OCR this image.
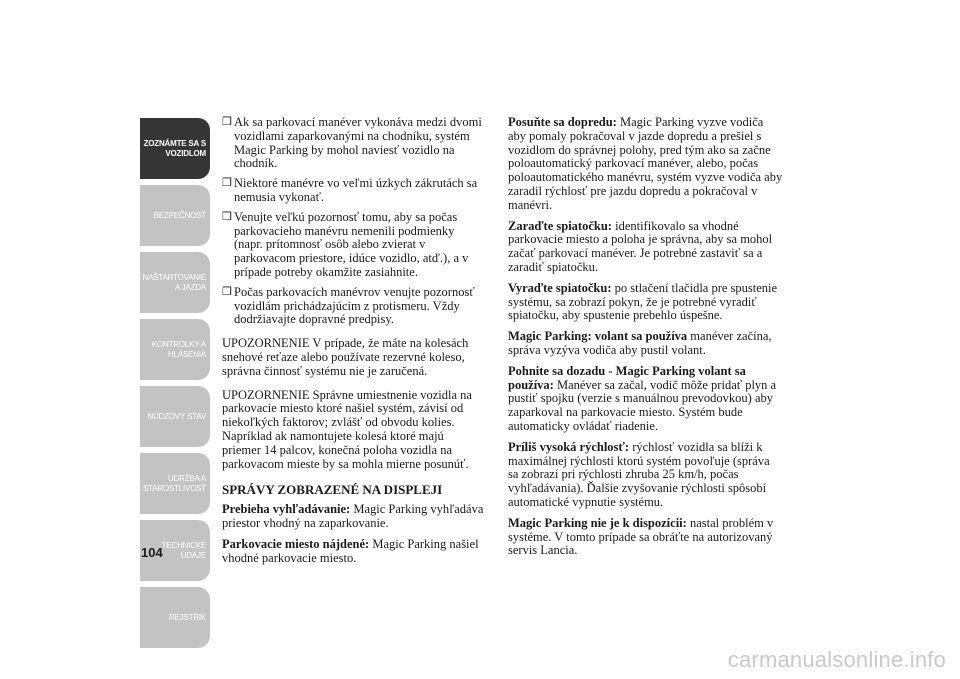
ZOZNÁMTE SA S
VOZIDLOM
BEZPEČNOSŤ
NAŠTARTOVANIE
A JAZDA
KONTROLKY A
HLÁSENIA
NÚDZOVÝ STAV
ÚDRŽBA A
STAROSTLIVOSŤ
TECHNICKÉ
ÚDAJE
REJSTŘÍK
104
❒ Ak sa parkovací manéver vykonáva medzi dvomi vozidlami zaparkovanými na chodníku, systém Magic Parking by mohol naviesť vozidlo na chodník.
❒ Niektoré manévre vo veľmi úzkych zákrutách sa nemusia vykonať.
❒ Venujte veľkú pozornosť tomu, aby sa počas parkovacieho manévru nemenili podmienky (napr. prítomnosť osôb alebo zvierat v parkovacom priestore, idúce vozidlo, atď.), a v prípade potreby okamžite zasiahnite.
❒ Počas parkovacích manévrov venujte pozornosť vozidlám prichádzajúcim z protismeru. Vždy dodržiavajte dopravné predpisy.

UPOZORNENIE V prípade, že máte na kolesách snehové reťaze alebo používate rezervné koleso, správna činnosť systému nie je zaručená.

UPOZORNENIE Správne umiestnenie vozidla na parkovacie miesto ktoré našiel systém, závisí od niekoľkých faktorov; zvlášť od obvodu kolies. Napríklad ak namontujete kolesá ktoré majú priemer 14 palcov, konečná poloha vozidla na parkovacom mieste by sa mohla mierne posunúť.

SPRÁVY ZOBRAZENÉ NA DISPLEJI

Prebieha vyhľadávanie: Magic Parking vyhľadáva priestor vhodný na zaparkovanie.

Parkovacie miesto nájdené: Magic Parking našiel vhodné parkovacie miesto.

Posuňte sa dopredu: Magic Parking vyzve vodiča aby pomaly pokračoval v jazde dopredu a prešiel s vozidlom do správnej polohy, pred tým ako sa začne poloautomatický parkovací manéver, alebo, počas poloautomatického manévru, systém vyzve vodiča aby zaradil rýchlosť pre jazdu dopredu a pokračoval v manévri.

Zaraďte spiatočku: identifikovalo sa vhodné parkovacie miesto a poloha je správna, aby sa mohol začať parkovací manéver. Je potrebné zastaviť sa a zaradiť spiatočku.

Vyraďte spiatočku: po stlačení tlačidla pre spustenie systému, sa zobrazí pokyn, že je potrebné vyradiť spiatočku, aby spustenie prebehlo úspešne.

Magic Parking: volant sa používa manéver začína, správa vyzýva vodiča aby pustil volant.

Pohnite sa dozadu - Magic Parking volant sa používa: Manéver sa začal, vodič môže pridať plyn a pustiť spojku (verzie s manuálnou prevodovkou) aby zaparkoval na parkovacie miesto. Systém bude automaticky ovládať riadenie.

Príliš vysoká rýchlosť: rýchlosť vozidla sa blíži k maximálnej rýchlosti ktorú systém povoľuje (správa sa zobrazí pri rýchlosti zhruba 25 km/h, počas vyhľadávania). Ďalšie zvyšovanie rýchlosti spôsobí automatické vypnutie systému.

Magic Parking nie je k dispozícii: nastal problém v systéme. V tomto prípade sa obráťte na autorizovaný servis Lancia.

carmanualsonline.info
